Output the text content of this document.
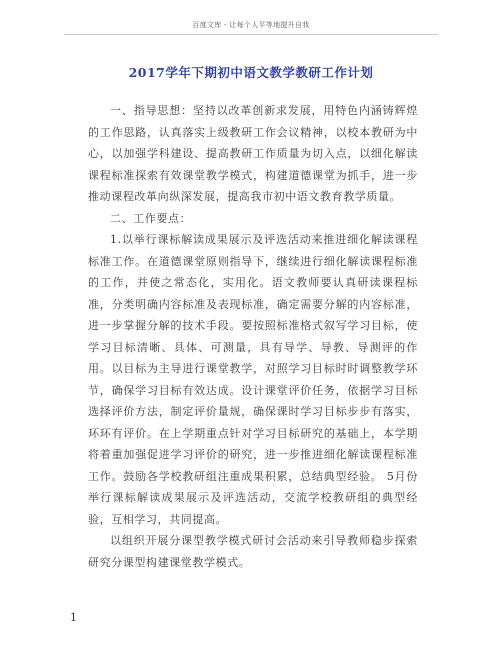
百度文库 - 让每个人平等地提升自我
2017学年下期初中语文教学教研工作计划

一、指导思想：坚持以改革创新求发展，用特色内涵铸辉煌的工作思路，认真落实上级教研工作会议精神，以校本教研为中心，以加强学科建设、提高教研工作质量为切入点，以细化解读课程标准探索有效课堂教学模式，构建道德课堂为抓手，进一步推动课程改革向纵深发展，提高我市初中语文教育教学质量。

二、工作要点：

1.以举行课标解读成果展示及评选活动来推进细化解读课程标准工作。在道德课堂原则指导下，继续进行细化解读课程标准的工作，并使之常态化，实用化。语文教师要认真研读课程标准，分类明确内容标准及表现标准，确定需要分解的内容标准，进一步掌握分解的技术手段。要按照标准格式叙写学习目标，使学习目标清晰、具体、可测量，具有导学、导教、导测评的作用。以目标为主导进行课堂教学，对照学习目标时时调整教学环节，确保学习目标有效达成。设计课堂评价任务，依据学习目标选择评价方法，制定评价量规，确保课时学习目标步步有落实，环环有评价。在上学期重点针对学习目标研究的基础上，本学期将着重加强促进学习评价的研究，进一步推进细化解读课程标准工作。鼓励各学校教研组注重成果积累，总结典型经验。 5月份举行课标解读成果展示及评选活动，交流学校教研组的典型经验，互相学习，共同提高。

以组织开展分课型教学模式研讨会活动来引导教师稳步探索研究分课型构建课堂教学模式。

1
